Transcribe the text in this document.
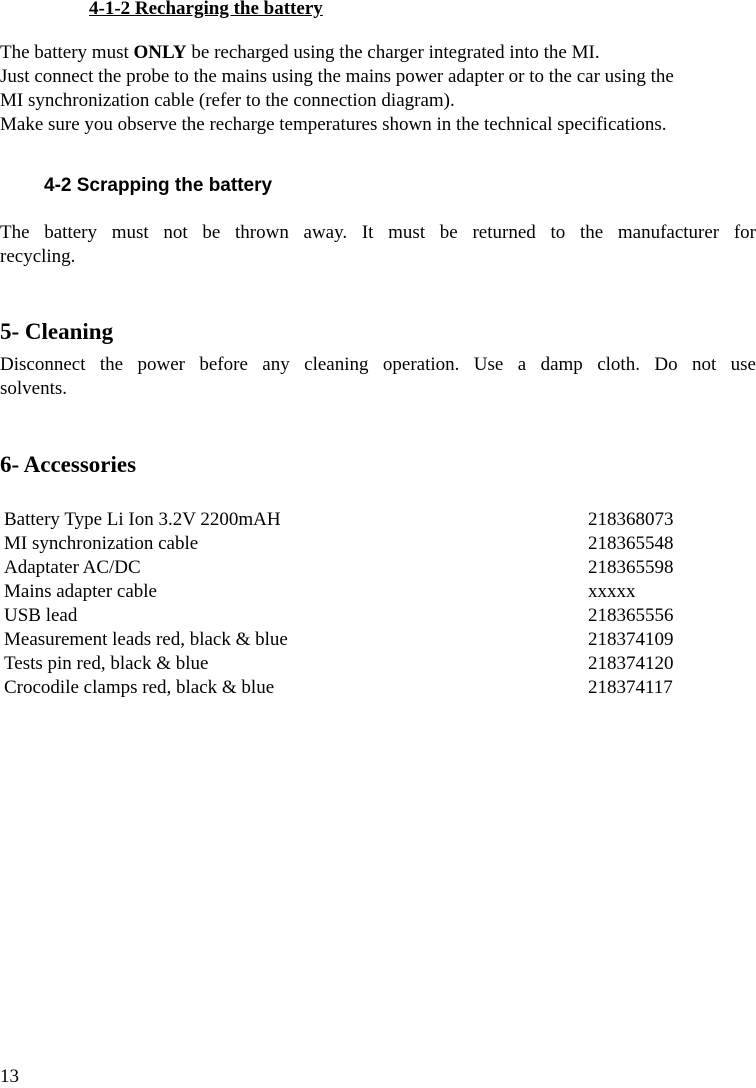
4-1-2 Recharging the battery
The battery must ONLY be recharged using the charger integrated into the MI.
Just connect the probe to the mains using the mains power adapter or to the car using the
MI synchronization cable (refer to the connection diagram).
Make sure you observe the recharge temperatures shown in the technical specifications.
4-2 Scrapping the battery
The battery must not be thrown away. It must be returned to the manufacturer for
recycling.
5- Cleaning
Disconnect the power before any cleaning operation. Use a damp cloth. Do not use
solvents.
6- Accessories
Battery Type Li Ion 3.2V 2200mAH	218368073
MI synchronization cable	218365548
Adaptater AC/DC	218365598
Mains adapter cable	xxxxx
USB lead	218365556
Measurement leads red, black & blue	218374109
Tests pin red, black & blue	218374120
Crocodile clamps red, black & blue	218374117
13
